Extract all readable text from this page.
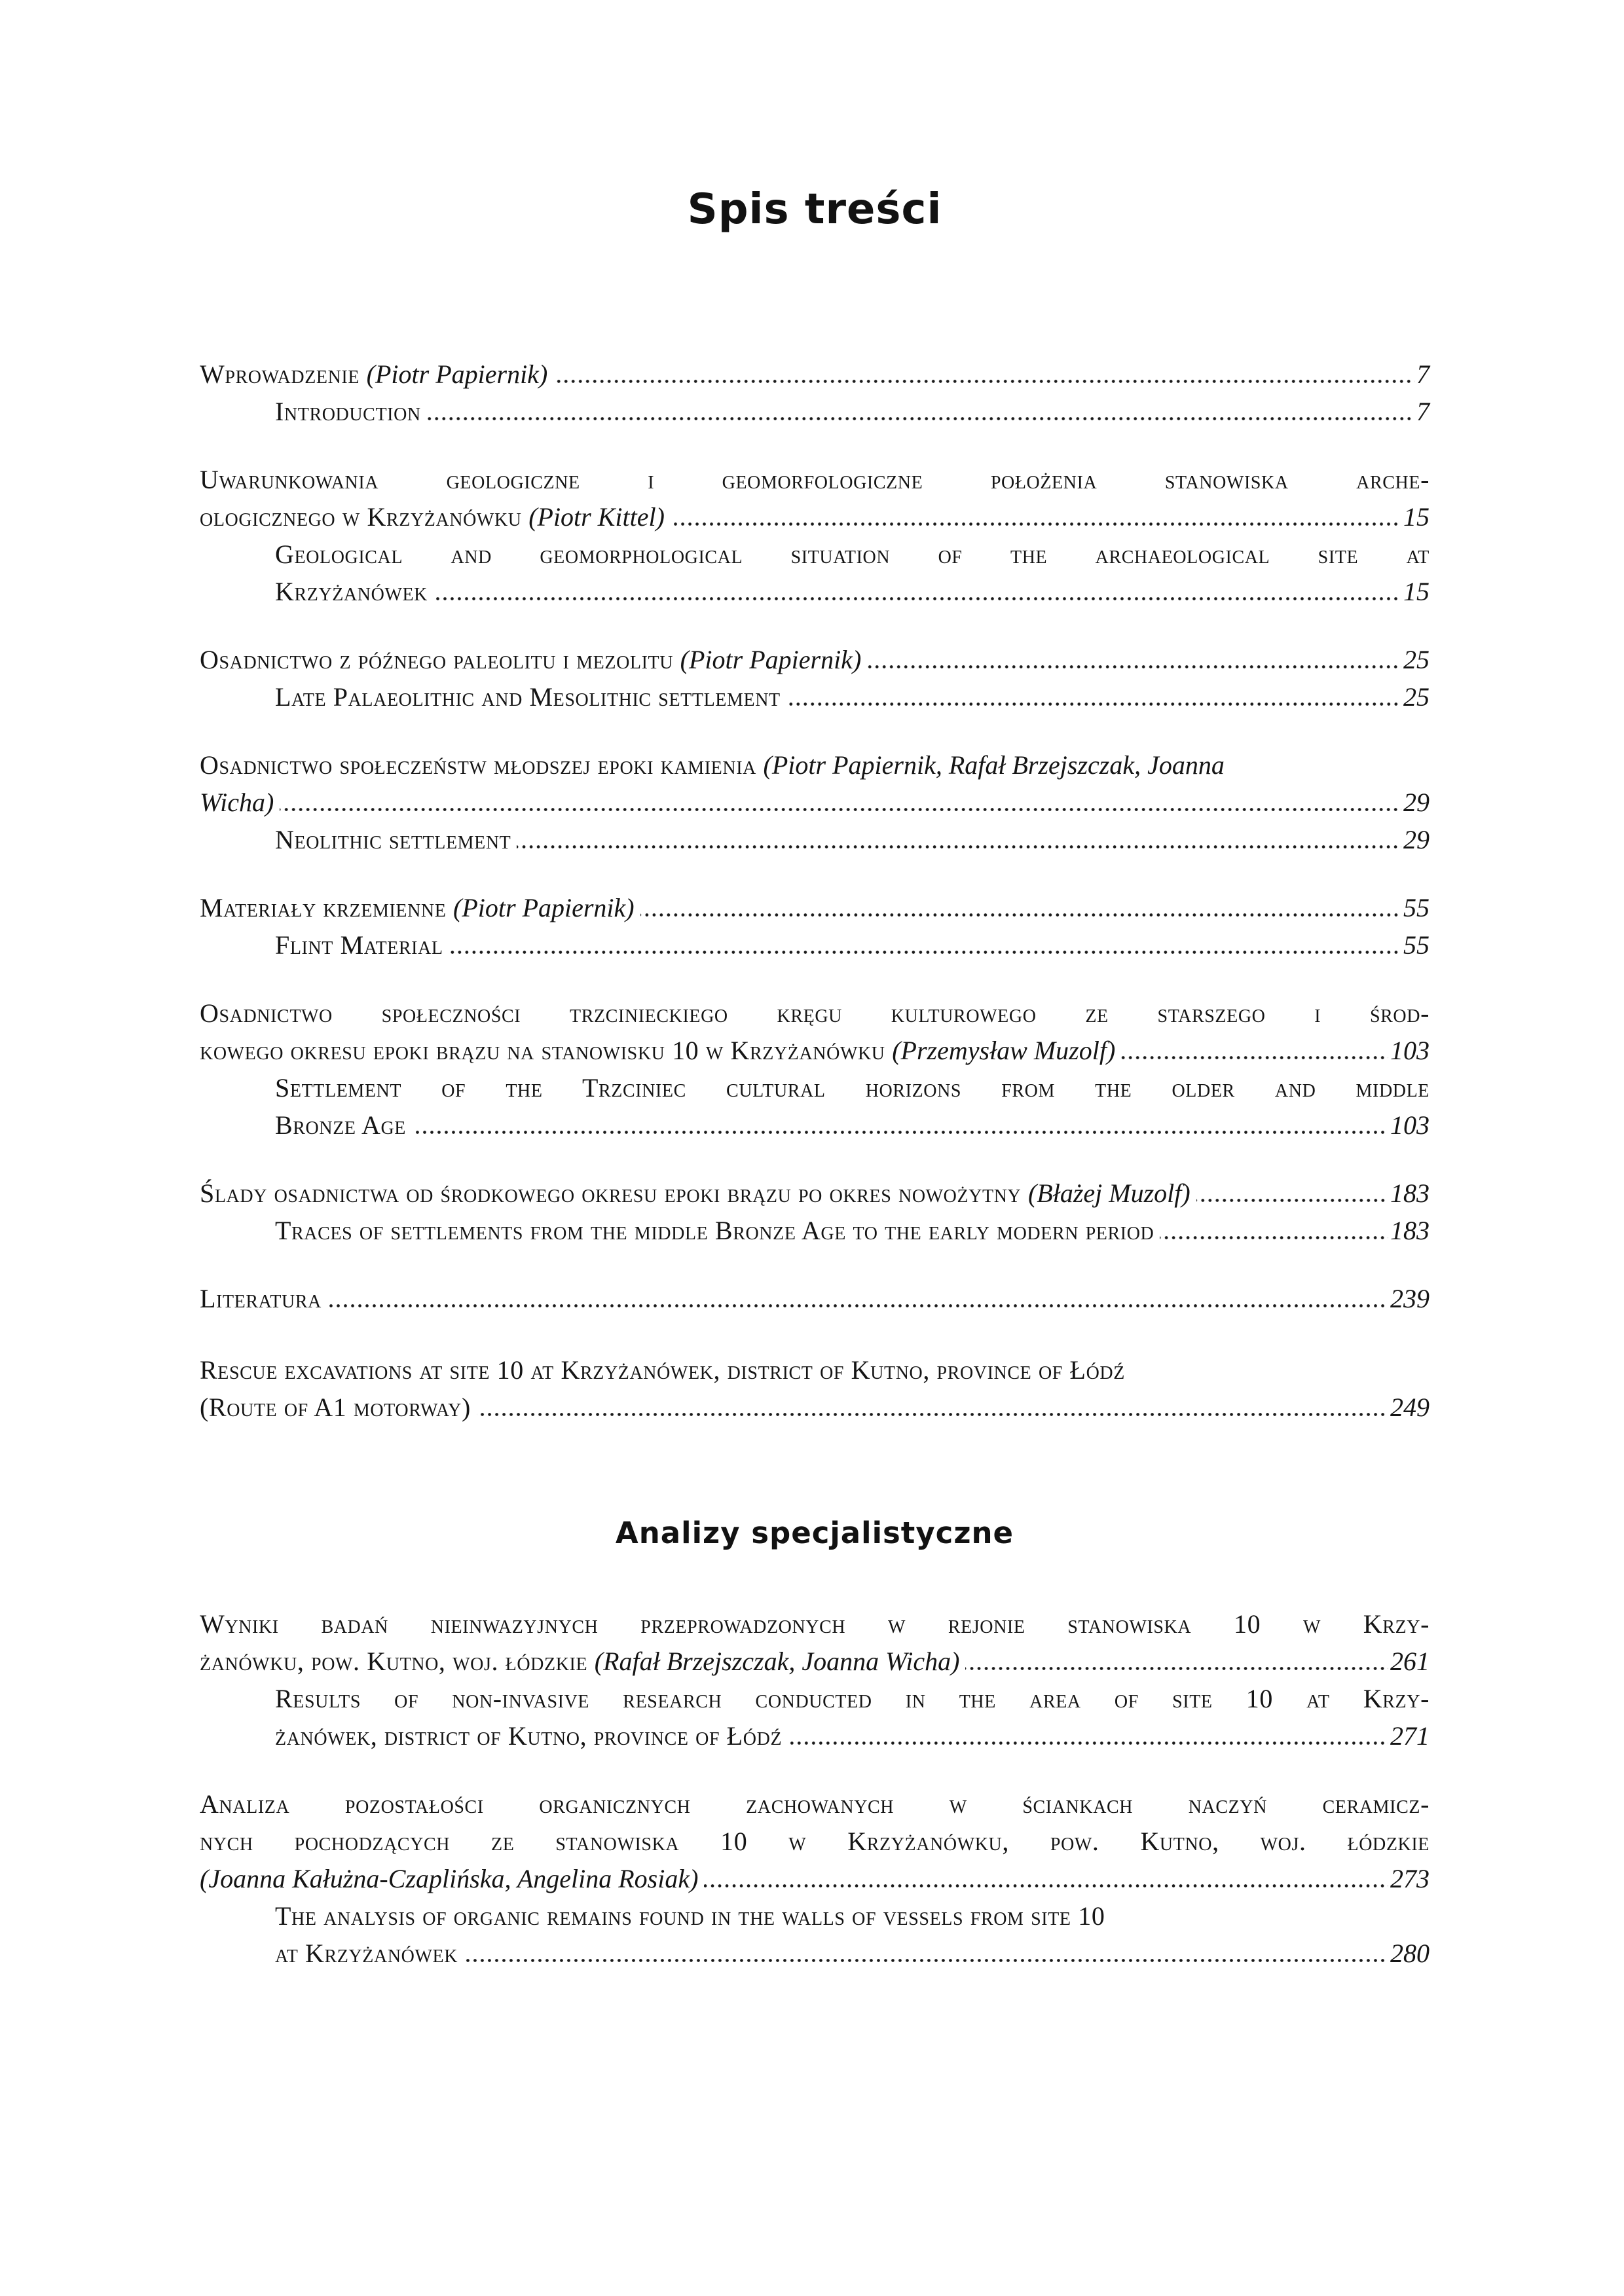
Spis treści
Wprowadzenie (Piotr Papiernik)	7
Introduction	7
Uwarunkowania geologiczne i geomorfologiczne położenia stanowiska arche-
ologicznego w Krzyżanówku (Piotr Kittel)	15
Geological and geomorphological situation of the archaeological site at
Krzyżanówek	15
Osadnictwo z późnego paleolitu i mezolitu (Piotr Papiernik)	25
Late Palaeolithic and Mesolithic settlement	25
Osadnictwo społeczeństw młodszej epoki kamienia (Piotr Papiernik, Rafał Brzejszczak, Joanna
Wicha)	29
Neolithic settlement	29
Materiały krzemienne (Piotr Papiernik)	55
Flint Material	55
Osadnictwo społeczności trzcinieckiego kręgu kulturowego ze starszego i środ-
kowego okresu epoki brązu na stanowisku 10 w Krzyżanówku (Przemysław Muzolf)	103
Settlement of the Trzciniec cultural horizons from the older and middle
Bronze Age	103
Ślady osadnictwa od środkowego okresu epoki brązu po okres nowożytny (Błażej Muzolf)	183
Traces of settlements from the middle Bronze Age to the early modern period	183
Literatura	239
Rescue excavations at site 10 at Krzyżanówek, district of Kutno, province of Łódź
(Route of A1 motorway)	249
Analizy specjalistyczne
Wyniki badań nieinwazyjnych przeprowadzonych w rejonie stanowiska 10 w Krzy-
żanówku, pow. Kutno, woj. łódzkie (Rafał Brzejszczak, Joanna Wicha)	261
Results of non-invasive research conducted in the area of site 10 at Krzy-
żanówek, district of Kutno, province of Łódź	271
Analiza pozostałości organicznych zachowanych w ściankach naczyń ceramicz-
nych pochodzących ze stanowiska 10 w Krzyżanówku, pow. Kutno, woj. łódzkie
(Joanna Kałużna-Czaplińska, Angelina Rosiak)	273
The analysis of organic remains found in the walls of vessels from site 10
at Krzyżanówek	280
